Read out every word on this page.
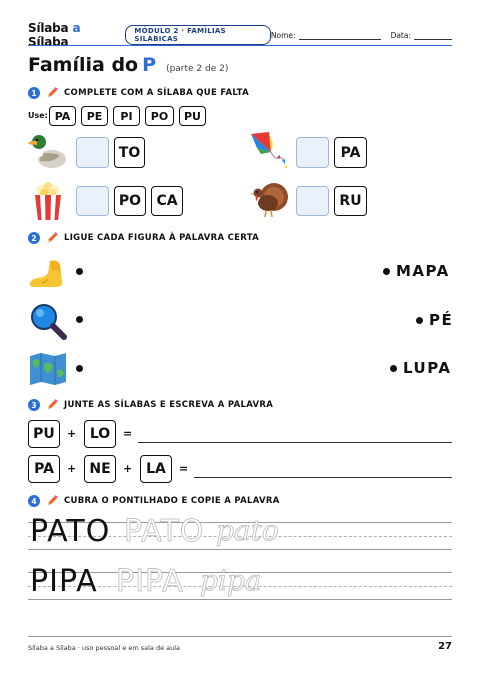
Sílaba a Sílaba
MÓDULO 2 · FAMÍLIAS SILÁBICAS	Nome:	Data:
Família do P (parte 2 de 2)
1	COMPLETE COM A SÍLABA QUE FALTA
Use: PA	PE	PI	PO	PU
TO	PA
PO	CA	RU
2	LIGUE CADA FIGURA À PALAVRA CERTA
MAPA
PÉ
LUPA
3	JUNTE AS SÍLABAS E ESCREVA A PALAVRA
PU	+ LO	=
PA	+ NE	+ LA	=
4	CUBRA O PONTILHADO E COPIE A PALAVRA
PATO PATO pato
PIPA PIPA pipa
Sílaba a Sílaba · uso pessoal e em sala de aula	27
